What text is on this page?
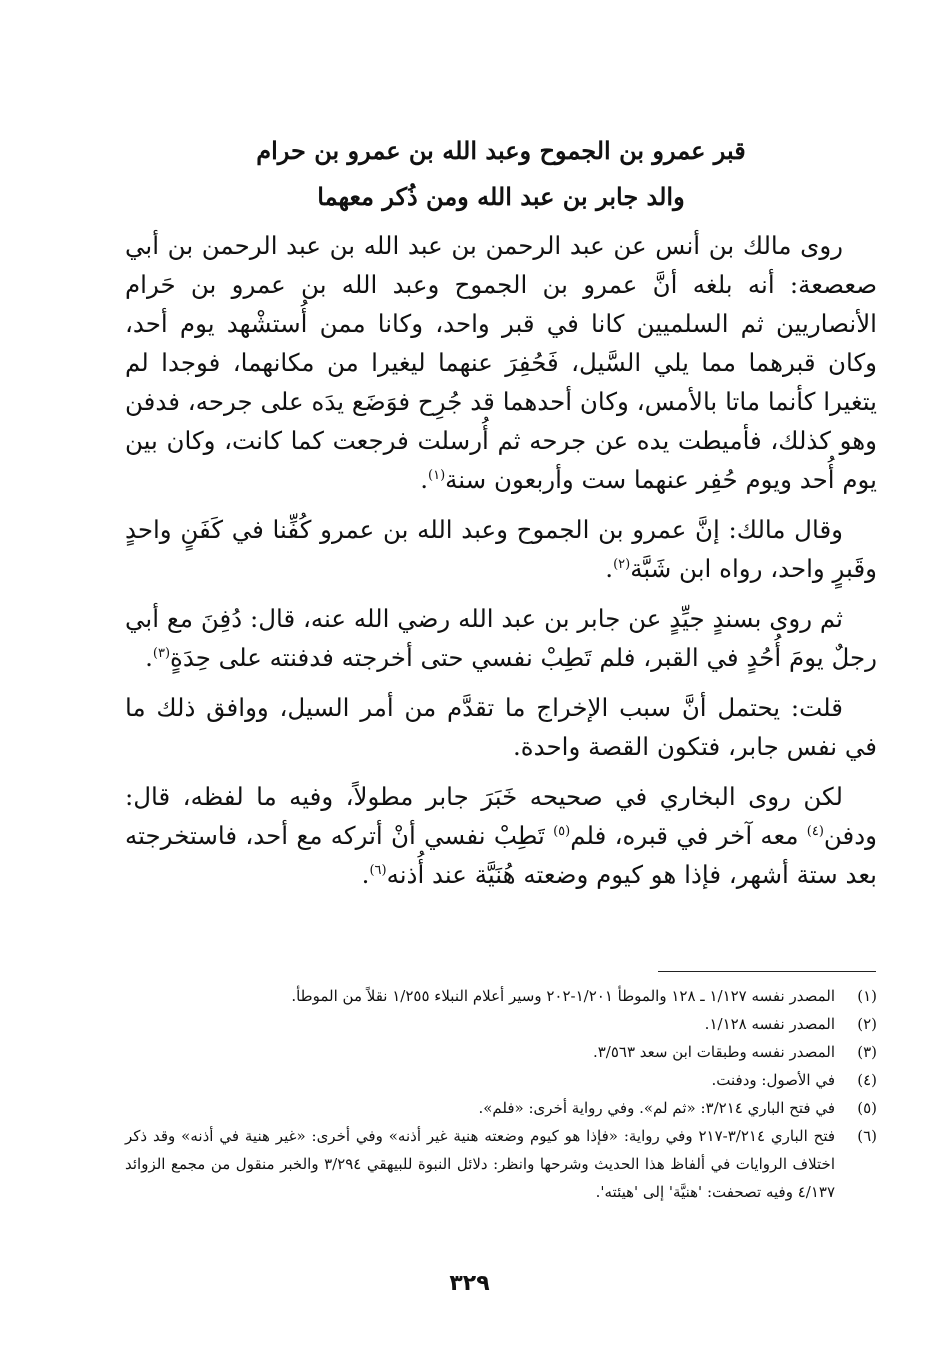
قبر عمرو بن الجموح وعبد الله بن عمرو بن حرام
والد جابر بن عبد الله ومن ذُكر معهما

روى مالك بن أنس عن عبد الرحمن بن عبد الله بن عبد الرحمن بن أبي صعصعة: أنه بلغه أنَّ عمرو بن الجموح وعبد الله بن عمرو بن حَرام الأنصاريين ثم السلميين كانا في قبر واحد، وكانا ممن أُستشْهد يوم أحد، وكان قبرهما مما يلي السَّيل، فَحُفِرَ عنهما ليغيرا من مكانهما، فوجدا لم يتغيرا كأنما ماتا بالأمس، وكان أحدهما قد جُرِح فوَضَع يدَه على جرحه، فدفن وهو كذلك، فأميطت يده عن جرحه ثم أُرسلت فرجعت كما كانت، وكان بين يوم أُحد ويوم حُفِر عنهما ست وأربعون سنة$^{(١)}$.

وقال مالك: إنَّ عمرو بن الجموح وعبد الله بن عمرو كُفِّنا في كَفَنٍ واحدٍ وقَبرٍ واحد، رواه ابن شَبَّة$^{(٢)}$.

ثم روى بسندٍ جيِّدٍ عن جابر بن عبد الله رضي الله عنه، قال: دُفِنَ مع أبي رجلٌ يومَ أُحُدٍ في القبر، فلم تَطِبْ نفسي حتى أخرجته فدفنته على حِدَةٍ$^{(٣)}$.

قلت: يحتمل أنَّ سبب الإخراج ما تقدَّم من أمر السيل، ووافق ذلك ما في نفس جابر، فتكون القصة واحدة.

لكن روى البخاري في صحيحه خَبَرَ جابر مطولاً، وفيه ما لفظه، قال: ودفن$^{(٤)}$ معه آخر في قبره، فلم$^{(٥)}$ تَطِبْ نفسي أنْ أتركه مع أحد، فاستخرجته بعد ستة أشهر، فإذا هو كيوم وضعته هُنَيَّة عند أُذنه$^{(٦)}$.

(١)
المصدر نفسه ١/١٢٧ ـ ١٢٨ والموطأ ١/٢٠١-٢٠٢ وسير أعلام النبلاء ١/٢٥٥ نقلاً من الموطأ.
(٢)
المصدر نفسه ١/١٢٨.
(٣)
المصدر نفسه وطبقات ابن سعد ٣/٥٦٣.
(٤)
في الأصول: ودفنت.
(٥)
في فتح الباري ٣/٢١٤: «ثم لم». وفي رواية أخرى: «فلم».
(٦)
فتح الباري ٣/٢١٤-٢١٧ وفي رواية: «فإذا هو كيوم وضعته هنية غير أذنه» وفي أخرى: «غير هنية في أذنه» وقد ذكر اختلاف الروايات في ألفاظ هذا الحديث وشرحها وانظر: دلائل النبوة للبيهقي ٣/٢٩٤ والخبر منقول من مجمع الزوائد ٤/١٣٧ وفيه تصحفت: 'هنيَّة' إلى 'هيئته'.
٣٢٩
